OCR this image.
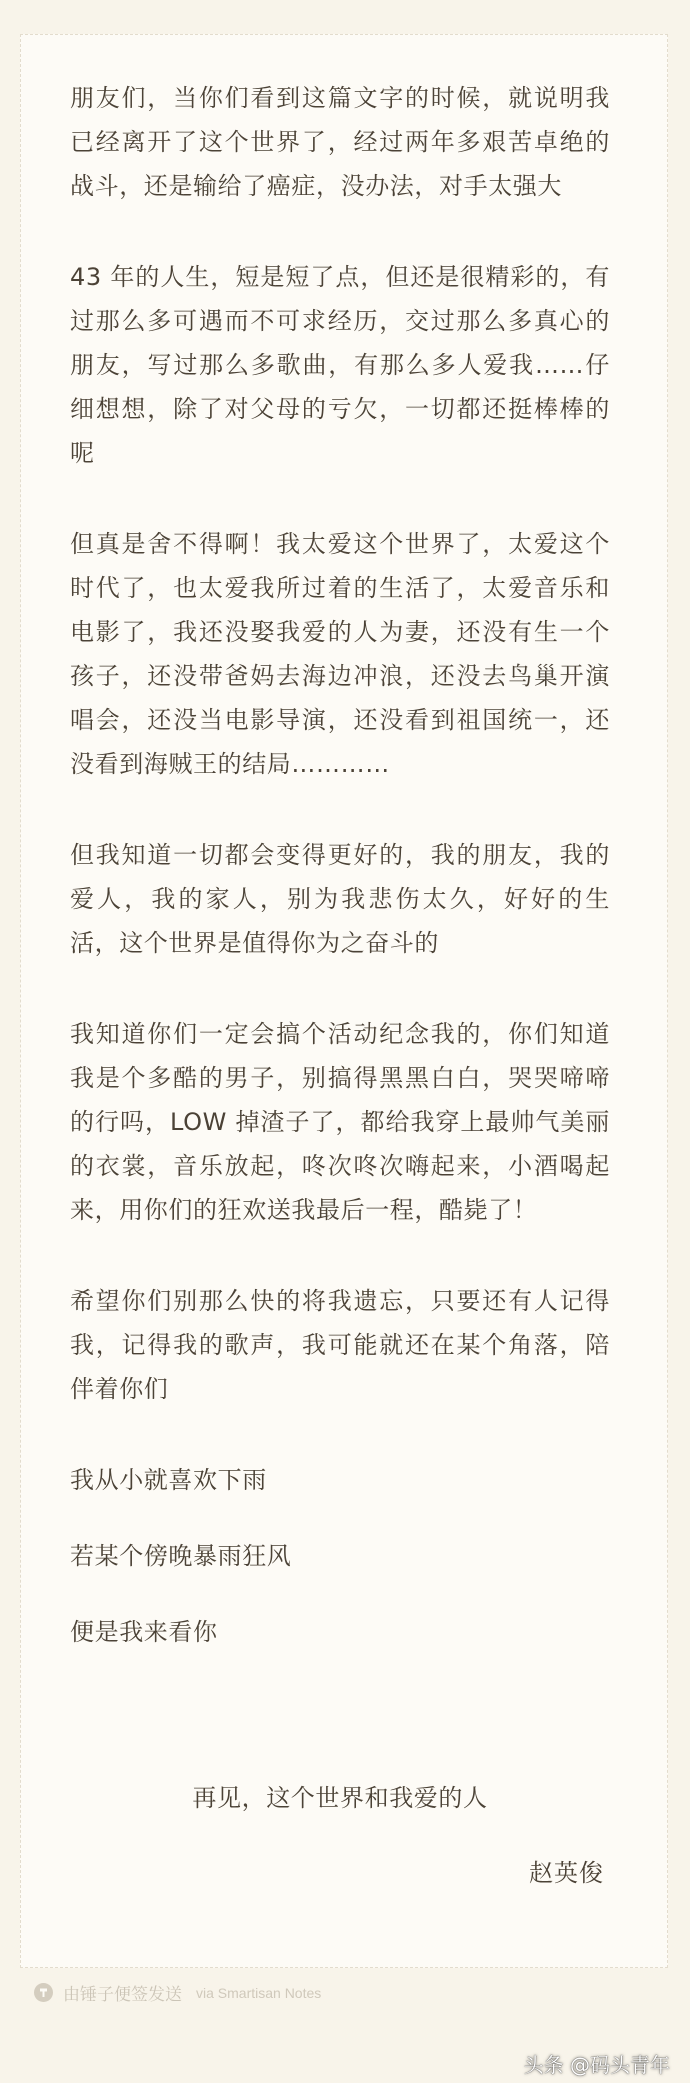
朋友们，当你们看到这篇文字的时候，就说明我已经离开了这个世界了，经过两年多艰苦卓绝的战斗，还是输给了癌症，没办法，对手太强大

43 年的人生，短是短了点，但还是很精彩的，有过那么多可遇而不可求经历，交过那么多真心的朋友，写过那么多歌曲，有那么多人爱我……仔细想想，除了对父母的亏欠，一切都还挺棒棒的呢

但真是舍不得啊！我太爱这个世界了，太爱这个时代了，也太爱我所过着的生活了，太爱音乐和电影了，我还没娶我爱的人为妻，还没有生一个孩子，还没带爸妈去海边冲浪，还没去鸟巢开演唱会，还没当电影导演，还没看到祖国统一，还没看到海贼王的结局…………

但我知道一切都会变得更好的，我的朋友，我的爱人，我的家人，别为我悲伤太久，好好的生活，这个世界是值得你为之奋斗的

我知道你们一定会搞个活动纪念我的，你们知道我是个多酷的男子，别搞得黑黑白白，哭哭啼啼的行吗，LOW 掉渣子了，都给我穿上最帅气美丽的衣裳，音乐放起，咚次咚次嗨起来，小酒喝起来，用你们的狂欢送我最后一程，酷毙了！

希望你们别那么快的将我遗忘，只要还有人记得我，记得我的歌声，我可能就还在某个角落，陪伴着你们

我从小就喜欢下雨

若某个傍晚暴雨狂风

便是我来看你

再见，这个世界和我爱的人
赵英俊
由锤子便签发送 via Smartisan Notes
头条 @码头青年
